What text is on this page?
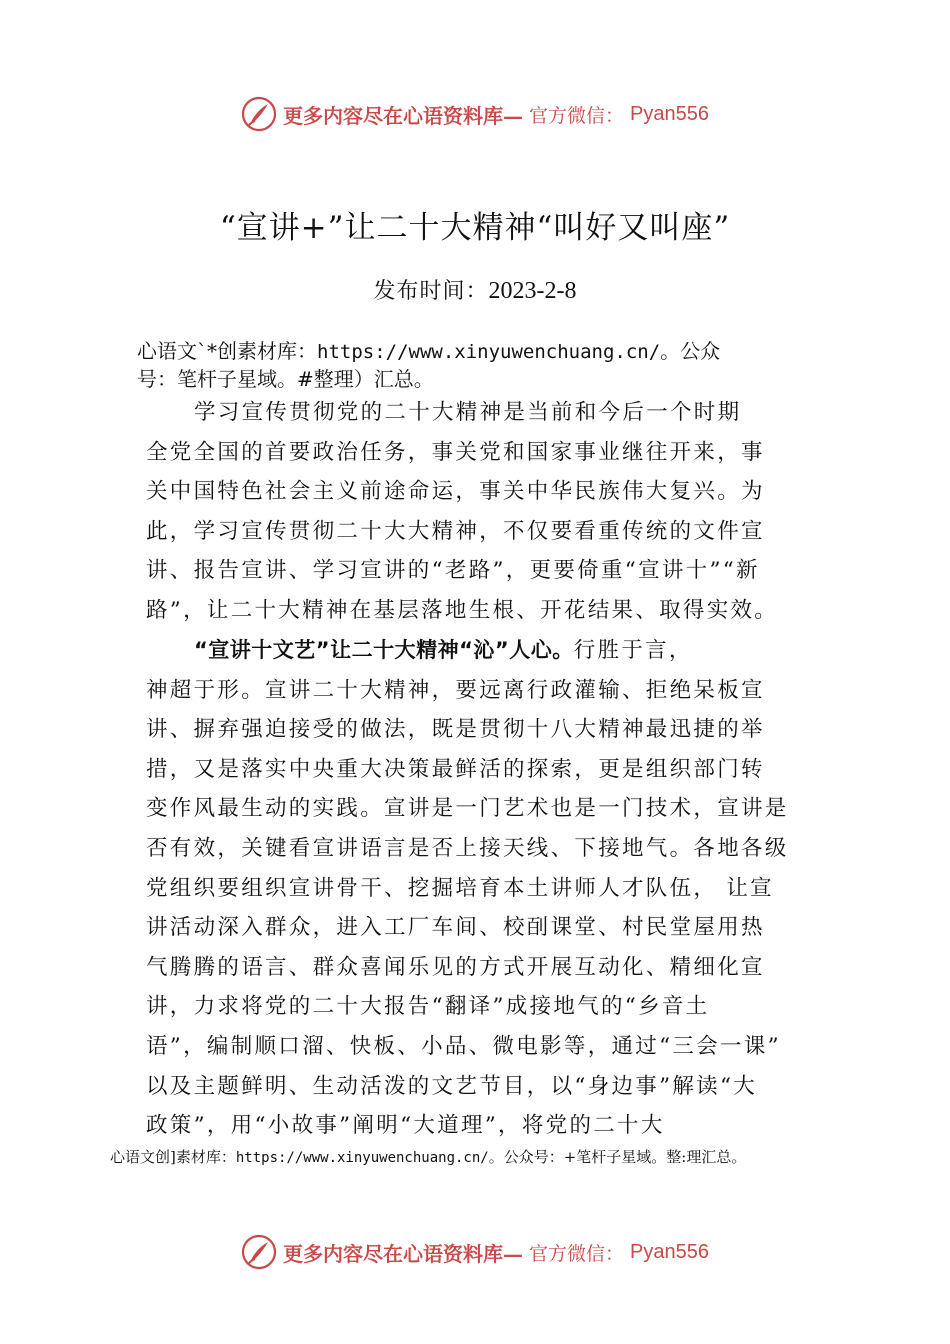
更多内容尽在心语资料库— 官方微信： Pyan556
“宣讲+”让二十大精神“叫好又叫座”
发布时间：2023-2-8
心语文`*创素材库：https://www.xinyuwenchuang.cn/。公众
号：笔杆子星域。#整理）汇总。
学习宣传贯彻党的二十大精神是当前和今后一个时期
全党全国的首要政治任务，事关党和国家事业继往开来，事
关中国特色社会主义前途命运，事关中华民族伟大复兴。为
此，学习宣传贯彻二十大大精神，不仅要看重传统的文件宣
讲、报告宣讲、学习宣讲的“老路”，更要倚重“宣讲十”“新
路”，让二十大精神在基层落地生根、开花结果、取得实效。
“宣讲十文艺”让二十大精神“沁”人心。行胜于言，
神超于形。宣讲二十大精神，要远离行政灌输、拒绝呆板宣
讲、摒弃强迫接受的做法，既是贯彻十八大精神最迅捷的举
措，又是落实中央重大决策最鲜活的探索，更是组织部门转
变作风最生动的实践。宣讲是一门艺术也是一门技术，宣讲是
否有效，关键看宣讲语言是否上接天线、下接地气。各地各级
党组织要组织宣讲骨干、挖掘培育本土讲师人才队伍， 让宣
讲活动深入群众，进入工厂车间、校㓦课堂、村民堂屋用热
气腾腾的语言、群众喜闻乐见的方式开展互动化、精细化宣
讲，力求将党的二十大报告“翻译”成接地气的“乡音土
语”，编制顺口溜、快板、小品、微电影等，通过“三会一课”
以及主题鲜明、生动活泼的文艺节目，以“身边事”解读“大
政策”，用“小故事”阐明“大道理”，将党的二十大
心语文创]素材库：https://www.xinyuwenchuang.cn/。公众号：+笔杆子星域。整:理汇总。
更多内容尽在心语资料库— 官方微信： Pyan556
